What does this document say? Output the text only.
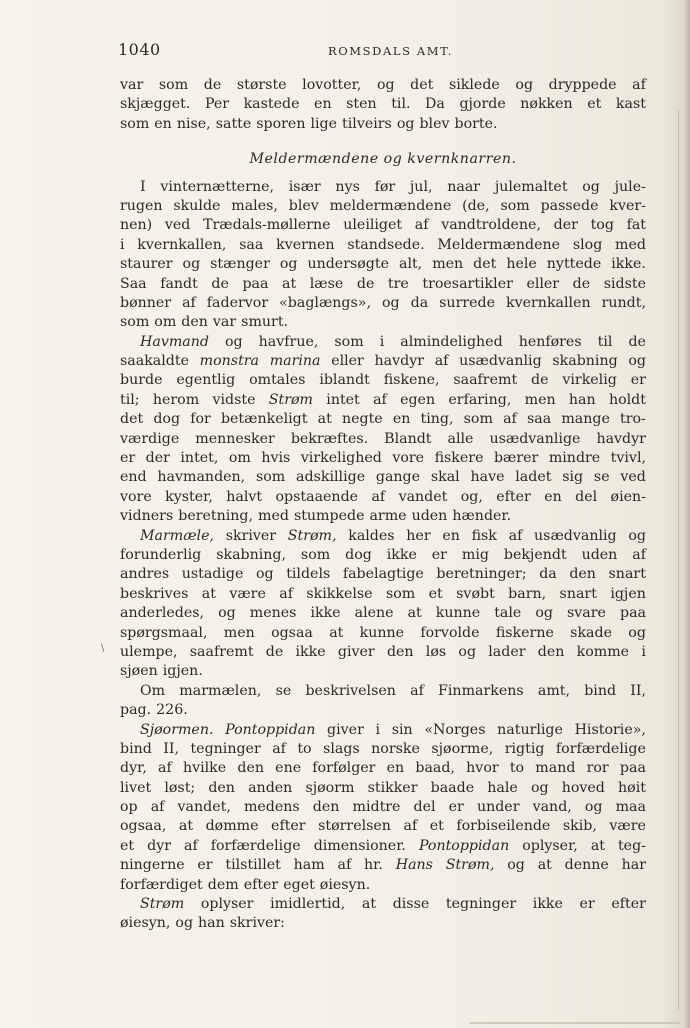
1040	ROMSDALS AMT.
var som de største lovotter, og det siklede og dryppede af
skjægget. Per kastede en sten til. Da gjorde nøkken et kast
som en nise, satte sporen lige tilveirs og blev borte.
Meldermændene og kvernknarren.
I vinternætterne, især nys før jul, naar julemaltet og jule-
rugen skulde males, blev meldermændene (de, som passede kver-
nen) ved Trædals-møllerne uleiliget af vandtroldene, der tog fat
i kvernkallen, saa kvernen standsede. Meldermændene slog med
staurer og stænger og undersøgte alt, men det hele nyttede ikke.
Saa fandt de paa at læse de tre troesartikler eller de sidste
bønner af fadervor «baglængs», og da surrede kvernkallen rundt,
som om den var smurt.
Havmand og havfrue, som i almindelighed henføres til de
saakaldte monstra marina eller havdyr af usædvanlig skabning og
burde egentlig omtales iblandt fiskene, saafremt de virkelig er
til; herom vidste Strøm intet af egen erfaring, men han holdt
det dog for betænkeligt at negte en ting, som af saa mange tro-
værdige mennesker bekræftes. Blandt alle usædvanlige havdyr
er der intet, om hvis virkelighed vore fiskere bærer mindre tvivl,
end havmanden, som adskillige gange skal have ladet sig se ved
vore kyster, halvt opstaaende af vandet og, efter en del øien-
vidners beretning, med stumpede arme uden hænder.
Marmæle, skriver Strøm, kaldes her en fisk af usædvanlig og
forunderlig skabning, som dog ikke er mig bekjendt uden af
andres ustadige og tildels fabelagtige beretninger; da den snart
beskrives at være af skikkelse som et svøbt barn, snart igjen
anderledes, og menes ikke alene at kunne tale og svare paa
spørgsmaal, men ogsaa at kunne forvolde fiskerne skade og
ulempe, saafremt de ikke giver den løs og lader den komme i
sjøen igjen.
Om marmælen, se beskrivelsen af Finmarkens amt, bind II,
pag. 226.
Sjøormen. Pontoppidan giver i sin «Norges naturlige Historie»,
bind II, tegninger af to slags norske sjøorme, rigtig forfærdelige
dyr, af hvilke den ene forfølger en baad, hvor to mand ror paa
livet løst; den anden sjøorm stikker baade hale og hoved høit
op af vandet, medens den midtre del er under vand, og maa
ogsaa, at dømme efter størrelsen af et forbiseilende skib, være
et dyr af forfærdelige dimensioner. Pontoppidan oplyser, at teg-
ningerne er tilstillet ham af hr. Hans Strøm, og at denne har
forfærdiget dem efter eget øiesyn.
Strøm oplyser imidlertid, at disse tegninger ikke er efter
øiesyn, og han skriver:
\
